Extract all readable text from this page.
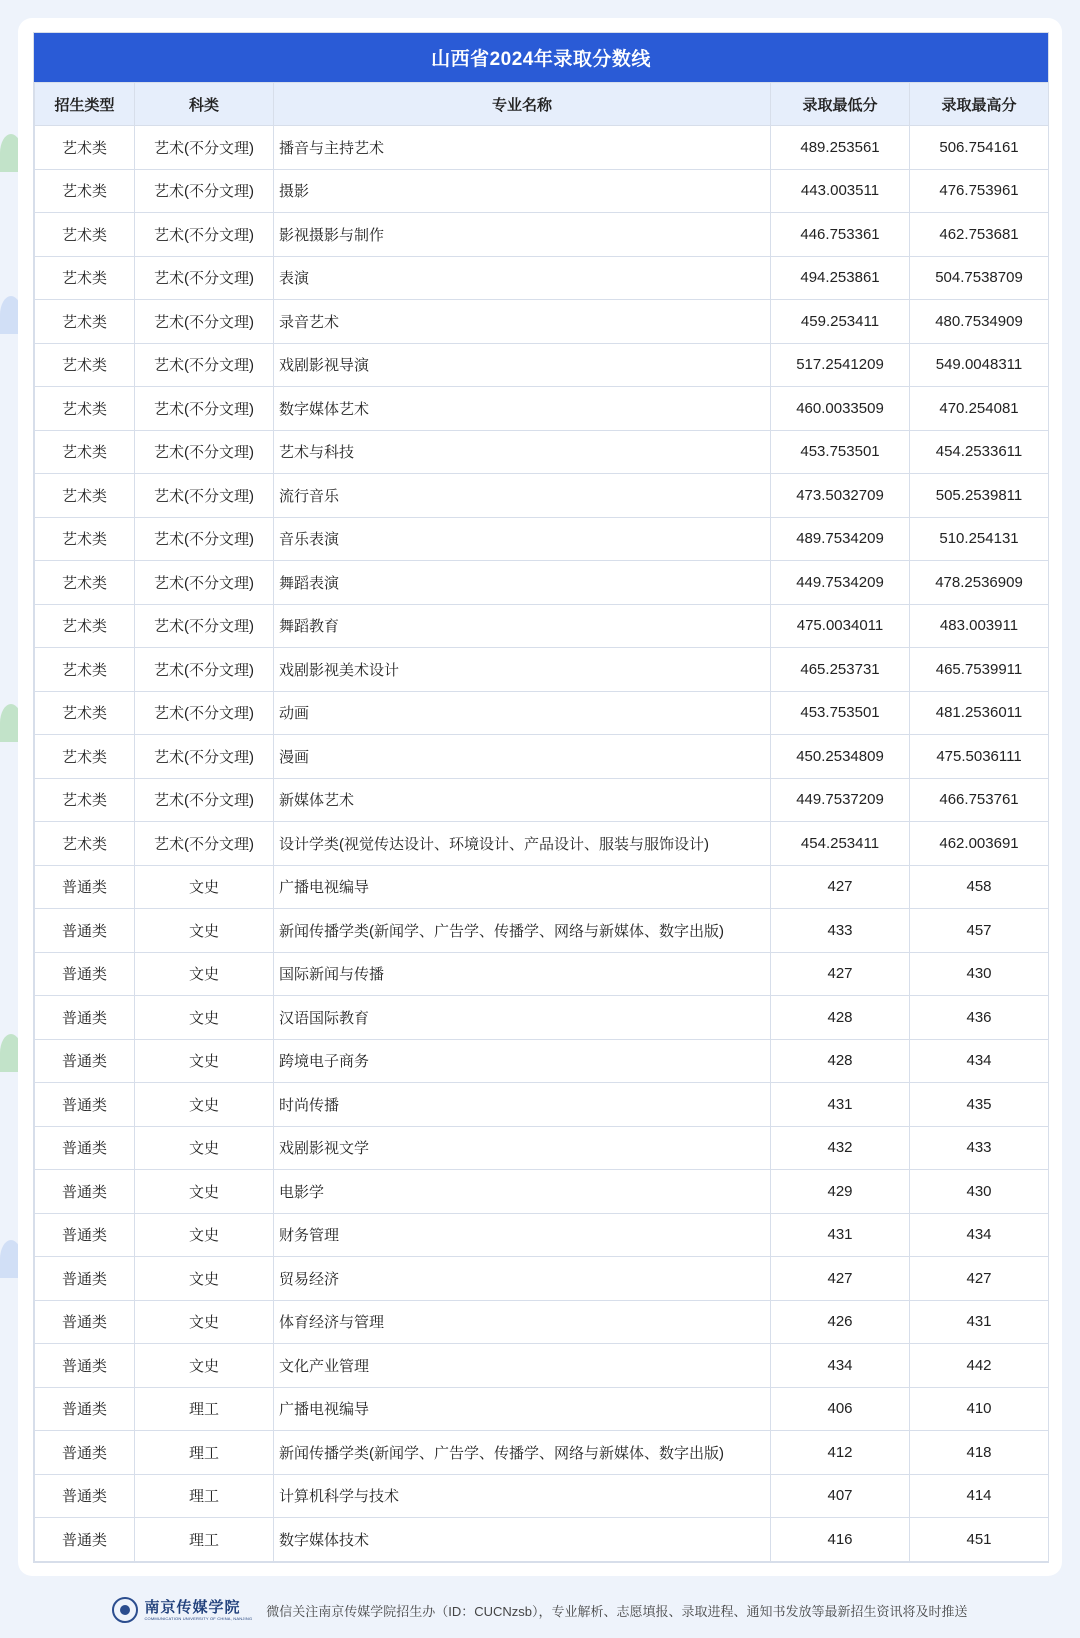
山西省2024年录取分数线
招生类型	科类	专业名称	录取最低分	录取最高分
艺术类	艺术(不分文理)	播音与主持艺术	489.253561	506.754161
艺术类	艺术(不分文理)	摄影	443.003511	476.753961
艺术类	艺术(不分文理)	影视摄影与制作	446.753361	462.753681
艺术类	艺术(不分文理)	表演	494.253861	504.7538709
艺术类	艺术(不分文理)	录音艺术	459.253411	480.7534909
艺术类	艺术(不分文理)	戏剧影视导演	517.2541209	549.0048311
艺术类	艺术(不分文理)	数字媒体艺术	460.0033509	470.254081
艺术类	艺术(不分文理)	艺术与科技	453.753501	454.2533611
艺术类	艺术(不分文理)	流行音乐	473.5032709	505.2539811
艺术类	艺术(不分文理)	音乐表演	489.7534209	510.254131
艺术类	艺术(不分文理)	舞蹈表演	449.7534209	478.2536909
艺术类	艺术(不分文理)	舞蹈教育	475.0034011	483.003911
艺术类	艺术(不分文理)	戏剧影视美术设计	465.253731	465.7539911
艺术类	艺术(不分文理)	动画	453.753501	481.2536011
艺术类	艺术(不分文理)	漫画	450.2534809	475.5036111
艺术类	艺术(不分文理)	新媒体艺术	449.7537209	466.753761
艺术类	艺术(不分文理)	设计学类(视觉传达设计、环境设计、产品设计、服装与服饰设计)	454.253411	462.003691
普通类	文史	广播电视编导	427	458
普通类	文史	新闻传播学类(新闻学、广告学、传播学、网络与新媒体、数字出版)	433	457
普通类	文史	国际新闻与传播	427	430
普通类	文史	汉语国际教育	428	436
普通类	文史	跨境电子商务	428	434
普通类	文史	时尚传播	431	435
普通类	文史	戏剧影视文学	432	433
普通类	文史	电影学	429	430
普通类	文史	财务管理	431	434
普通类	文史	贸易经济	427	427
普通类	文史	体育经济与管理	426	431
普通类	文史	文化产业管理	434	442
普通类	理工	广播电视编导	406	410
普通类	理工	新闻传播学类(新闻学、广告学、传播学、网络与新媒体、数字出版)	412	418
普通类	理工	计算机科学与技术	407	414
普通类	理工	数字媒体技术	416	451
南京传媒学院
COMMUNICATION UNIVERSITY OF CHINA, NANJING 微信关注南京传媒学院招生办（ID：CUCNzsb），专业解析、志愿填报、录取进程、通知书发放等最新招生资讯将及时推送
